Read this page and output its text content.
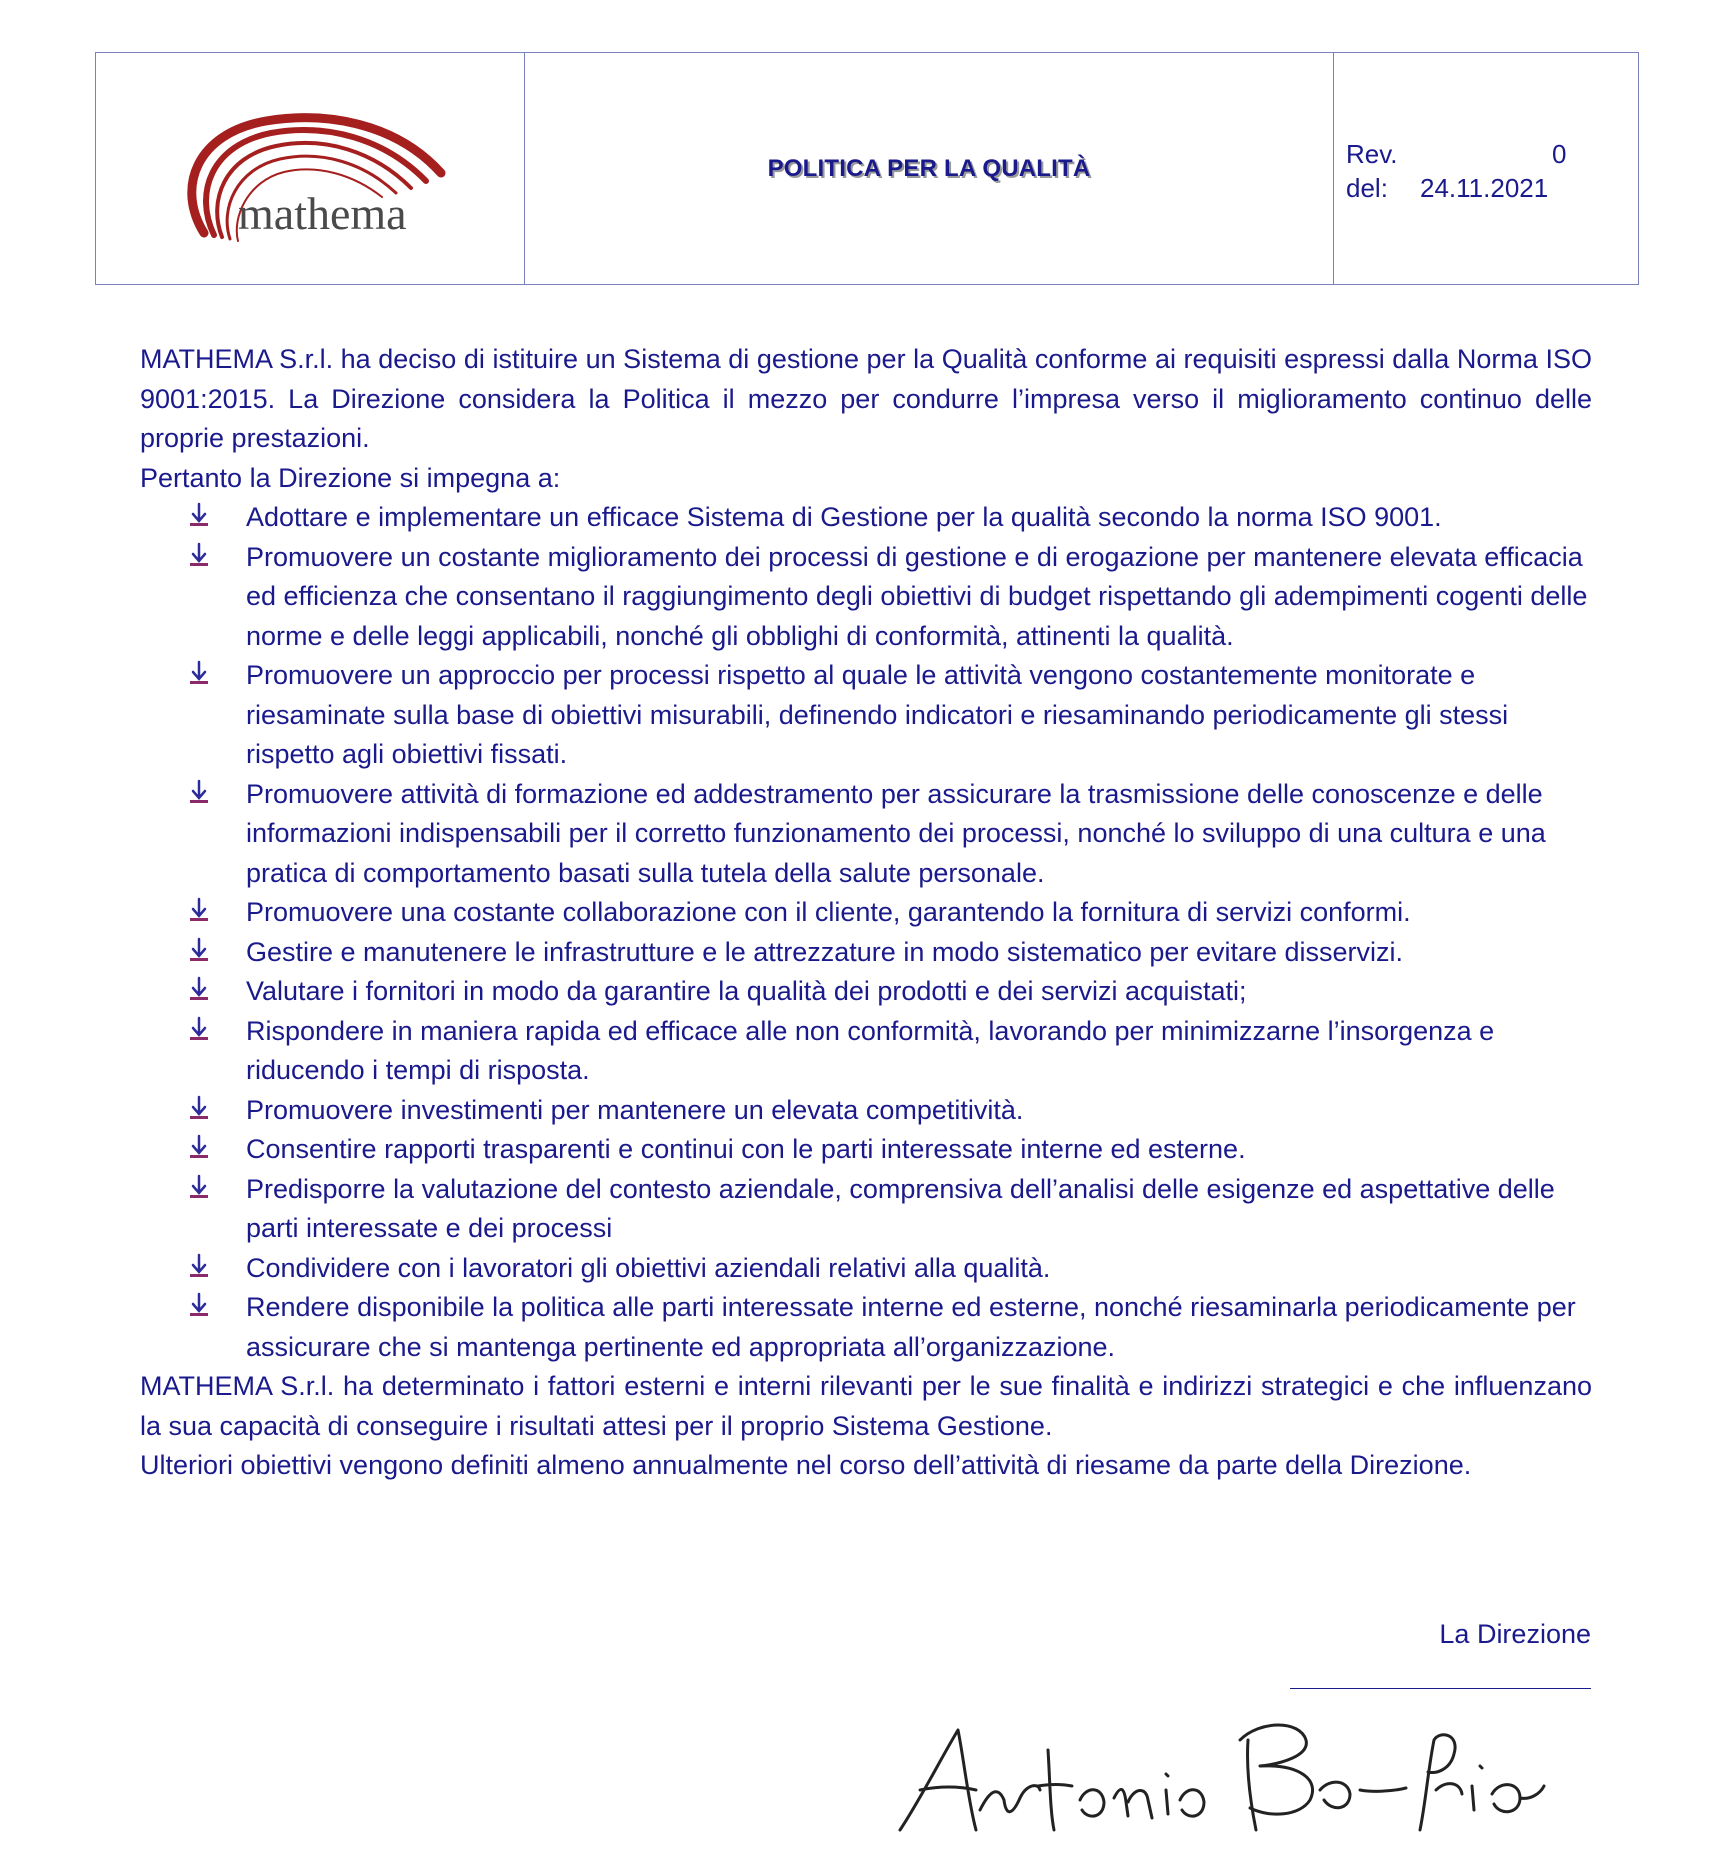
mathema
POLITICA PER LA QUALITÀ	Rev.	0
del: 24.11.2021

MATHEMA S.r.l. ha deciso di istituire un Sistema di gestione per la Qualità conforme ai requisiti espressi dalla Norma ISO 9001:2015. La Direzione considera la Politica il mezzo per condurre l’impresa verso il miglioramento continuo delle proprie prestazioni.

Pertanto la Direzione si impegna a:

Adottare e implementare un efficace Sistema di Gestione per la qualità secondo la norma ISO 9001.
Promuovere un costante miglioramento dei processi di gestione e di erogazione per mantenere elevata efficacia ed efficienza che consentano il raggiungimento degli obiettivi di budget rispettando gli adempimenti cogenti delle norme e delle leggi applicabili, nonché gli obblighi di conformità, attinenti la qualità.
Promuovere un approccio per processi rispetto al quale le attività vengono costantemente monitorate e riesaminate sulla base di obiettivi misurabili, definendo indicatori e riesaminando periodicamente gli stessi rispetto agli obiettivi fissati.
Promuovere attività di formazione ed addestramento per assicurare la trasmissione delle conoscenze e delle informazioni indispensabili per il corretto funzionamento dei processi, nonché lo sviluppo di una cultura e una pratica di comportamento basati sulla tutela della salute personale.
Promuovere una costante collaborazione con il cliente, garantendo la fornitura di servizi conformi.
Gestire e manutenere le infrastrutture e le attrezzature in modo sistematico per evitare disservizi.
Valutare i fornitori in modo da garantire la qualità dei prodotti e dei servizi acquistati;
Rispondere in maniera rapida ed efficace alle non conformità, lavorando per minimizzarne l’insorgenza e riducendo i tempi di risposta.
Promuovere investimenti per mantenere un elevata competitività.
Consentire rapporti trasparenti e continui con le parti interessate interne ed esterne.
Predisporre la valutazione del contesto aziendale, comprensiva dell’analisi delle esigenze ed aspettative delle parti interessate e dei processi
Condividere con i lavoratori gli obiettivi aziendali relativi alla qualità.
Rendere disponibile la politica alle parti interessate interne ed esterne, nonché riesaminarla periodicamente per assicurare che si mantenga pertinente ed appropriata all’organizzazione.

MATHEMA S.r.l. ha determinato i fattori esterni e interni rilevanti per le sue finalità e indirizzi strategici e che influenzano la sua capacità di conseguire i risultati attesi per il proprio Sistema Gestione.

Ulteriori obiettivi vengono definiti almeno annualmente nel corso dell’attività di riesame da parte della Direzione.

La Direzione
